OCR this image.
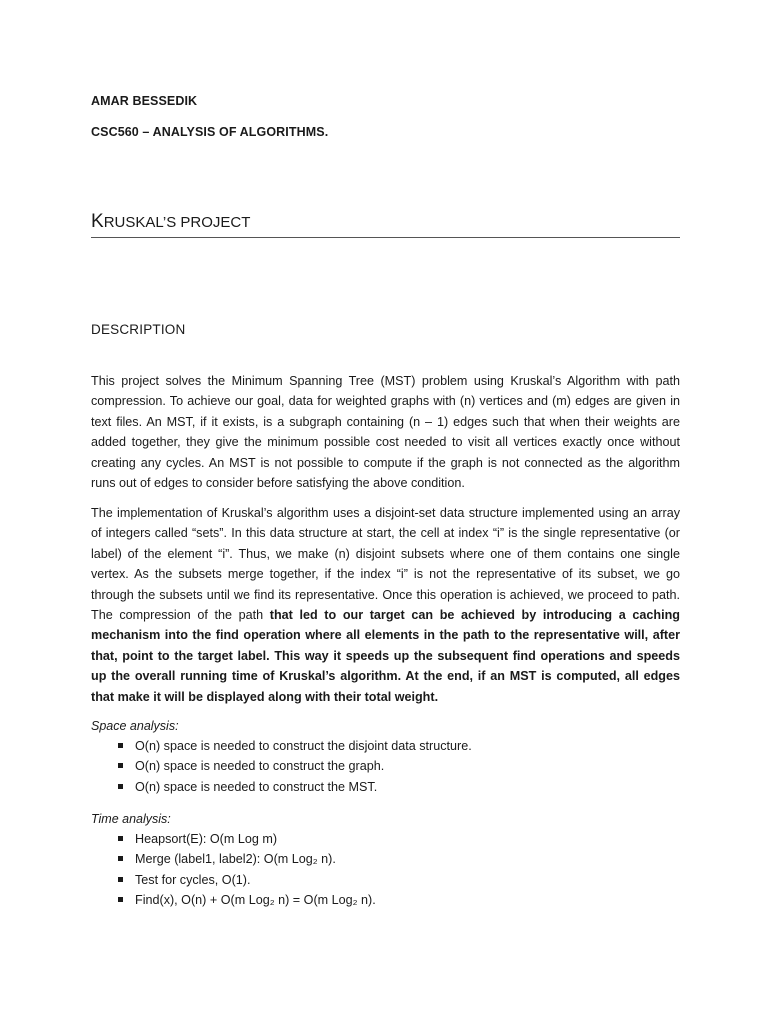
AMAR BESSEDIK
CSC560 – ANALYSIS OF ALGORITHMS.
KRUSKAL’S PROJECT
DESCRIPTION

This project solves the Minimum Spanning Tree (MST) problem using Kruskal’s Algorithm with path compression. To achieve our goal, data for weighted graphs with (n) vertices and (m) edges are given in text files. An MST, if it exists, is a subgraph containing (n – 1) edges such that when their weights are added together, they give the minimum possible cost needed to visit all vertices exactly once without creating any cycles. An MST is not possible to compute if the graph is not connected as the algorithm runs out of edges to consider before satisfying the above condition.

The implementation of Kruskal’s algorithm uses a disjoint-set data structure implemented using an array of integers called “sets”. In this data structure at start, the cell at index “i” is the single representative (or label) of the element “i”. Thus, we make (n) disjoint subsets where one of them contains one single vertex. As the subsets merge together, if the index “i” is not the representative of its subset, we go through the subsets until we find its representative. Once this operation is achieved, we proceed to path. The compression of the path that led to our target can be achieved by introducing a caching mechanism into the find operation where all elements in the path to the representative will, after that, point to the target label. This way it speeds up the subsequent find operations and speeds up the overall running time of Kruskal’s algorithm. At the end, if an MST is computed, all edges that make it will be displayed along with their total weight.

Space analysis:
O(n) space is needed to construct the disjoint data structure.
O(n) space is needed to construct the graph.
O(n) space is needed to construct the MST.
Time analysis:
Heapsort(E): O(m Log m)
Merge (label1, label2): O(m Log₂ n).
Test for cycles, O(1).
Find(x), O(n) + O(m Log₂ n) = O(m Log₂ n).
